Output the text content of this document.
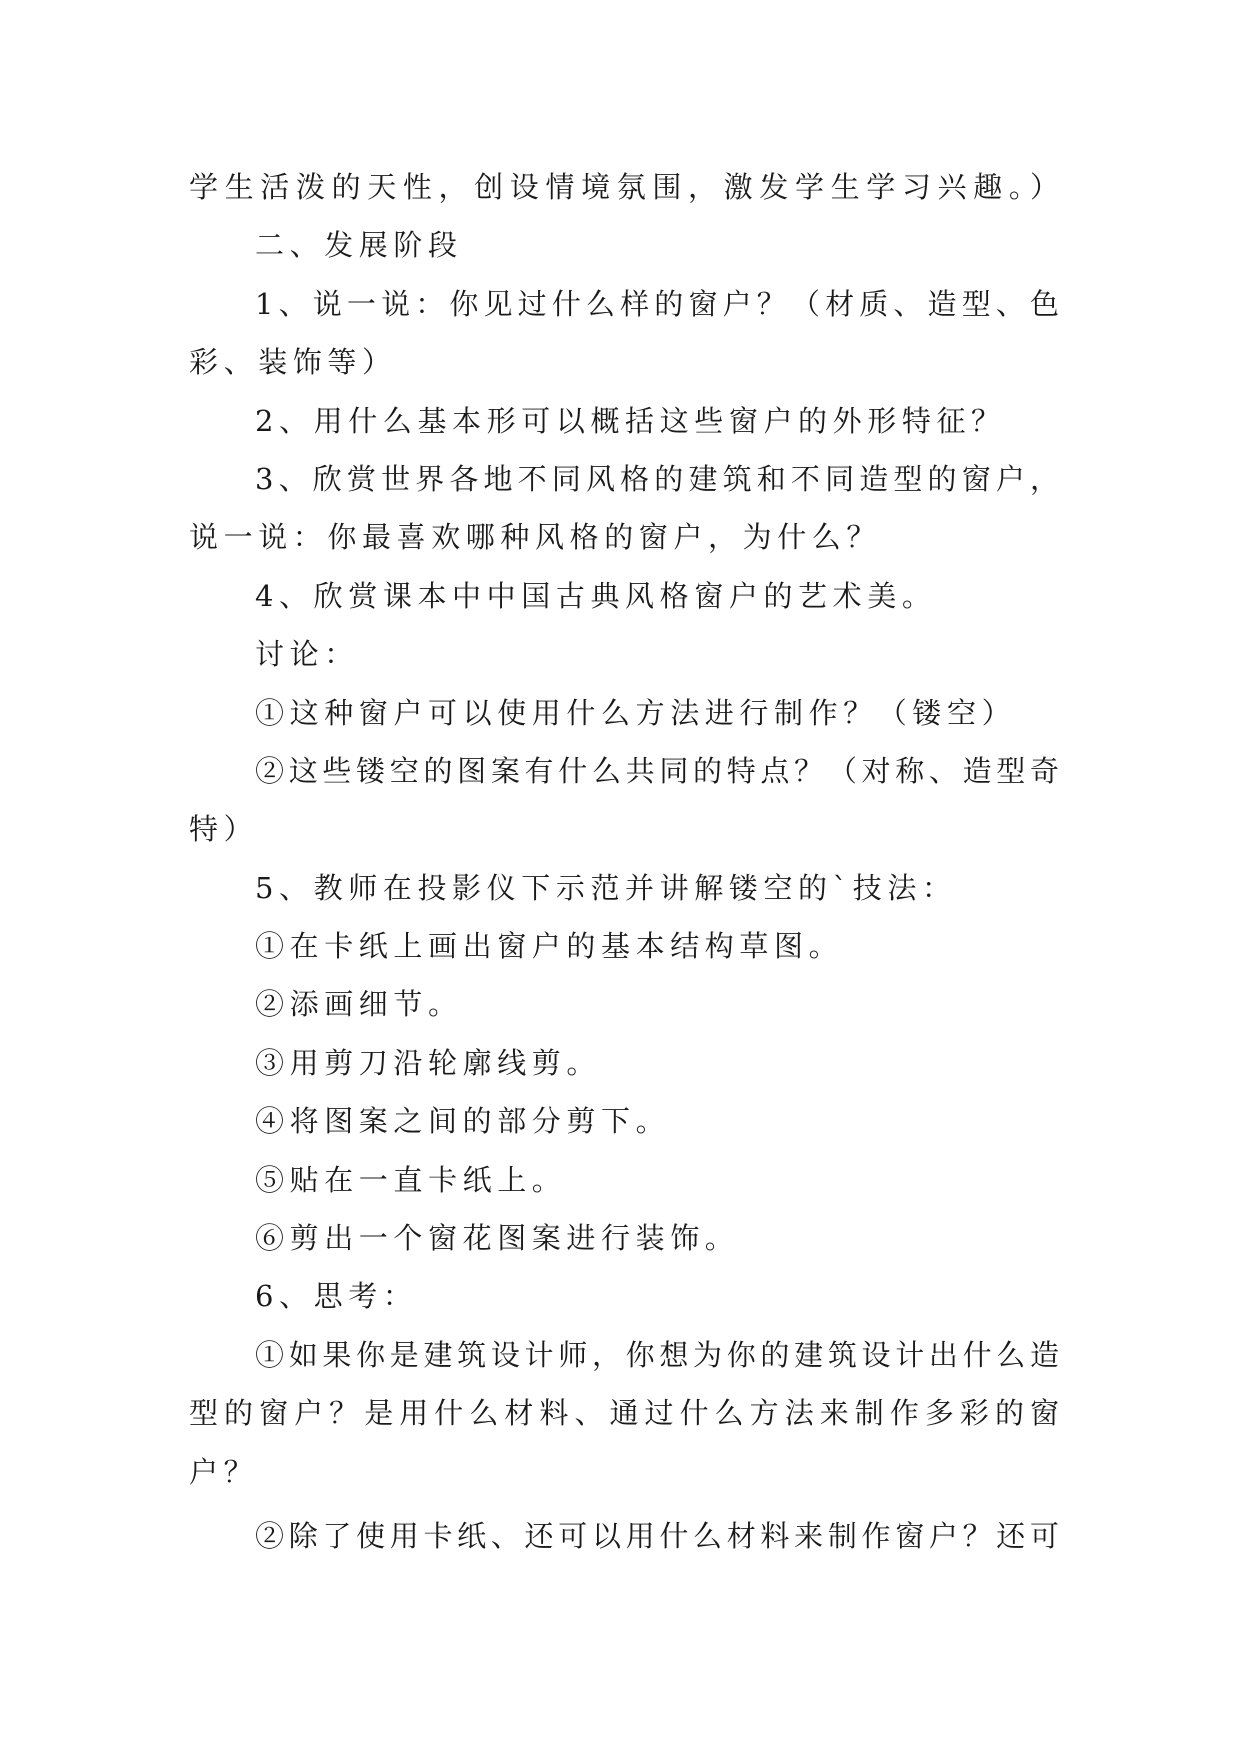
学生活泼的天性，创设情境氛围，激发学生学习兴趣。）
二、发展阶段
1、说一说：你见过什么样的窗户？（材质、造型、色
彩、装饰等）
2、用什么基本形可以概括这些窗户的外形特征？
3、欣赏世界各地不同风格的建筑和不同造型的窗户，
说一说：你最喜欢哪种风格的窗户，为什么？
4、欣赏课本中中国古典风格窗户的艺术美。
讨论：
①这种窗户可以使用什么方法进行制作？（镂空）
②这些镂空的图案有什么共同的特点？（对称、造型奇
特）
5、教师在投影仪下示范并讲解镂空的`技法：
①在卡纸上画出窗户的基本结构草图。
②添画细节。
③用剪刀沿轮廓线剪。
④将图案之间的部分剪下。
⑤贴在一直卡纸上。
⑥剪出一个窗花图案进行装饰。
6、思考：
①如果你是建筑设计师，你想为你的建筑设计出什么造
型的窗户？是用什么材料、通过什么方法来制作多彩的窗
户？
②除了使用卡纸、还可以用什么材料来制作窗户？还可
